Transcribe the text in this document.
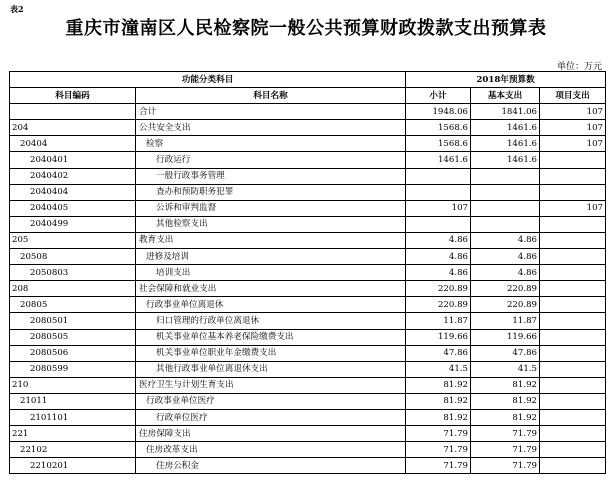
表2
重庆市潼南区人民检察院一般公共预算财政拨款支出预算表
单位：万元
功能分类科目		2018年预算数		
科目编码	科目名称	小计	基本支出	项目支出
	合计	1948.06	1841.06	107
204	公共安全支出	1568.6	1461.6	107
20404	检察	1568.6	1461.6	107
2040401	行政运行	1461.6	1461.6	
2040402	一般行政事务管理			
2040404	查办和预防职务犯罪			
2040405	公诉和审判监督	107		107
2040499	其他检察支出			
205	教育支出	4.86	4.86	
20508	进修及培训	4.86	4.86	
2050803	培训支出	4.86	4.86	
208	社会保障和就业支出	220.89	220.89	
20805	行政事业单位离退休	220.89	220.89	
2080501	归口管理的行政单位离退休	11.87	11.87	
2080505	机关事业单位基本养老保险缴费支出	119.66	119.66	
2080506	机关事业单位职业年金缴费支出	47.86	47.86	
2080599	其他行政事业单位离退休支出	41.5	41.5	
210	医疗卫生与计划生育支出	81.92	81.92	
21011	行政事业单位医疗	81.92	81.92	
2101101	行政单位医疗	81.92	81.92	
221	住房保障支出	71.79	71.79	
22102	住房改革支出	71.79	71.79	
2210201	住房公积金	71.79	71.79	
